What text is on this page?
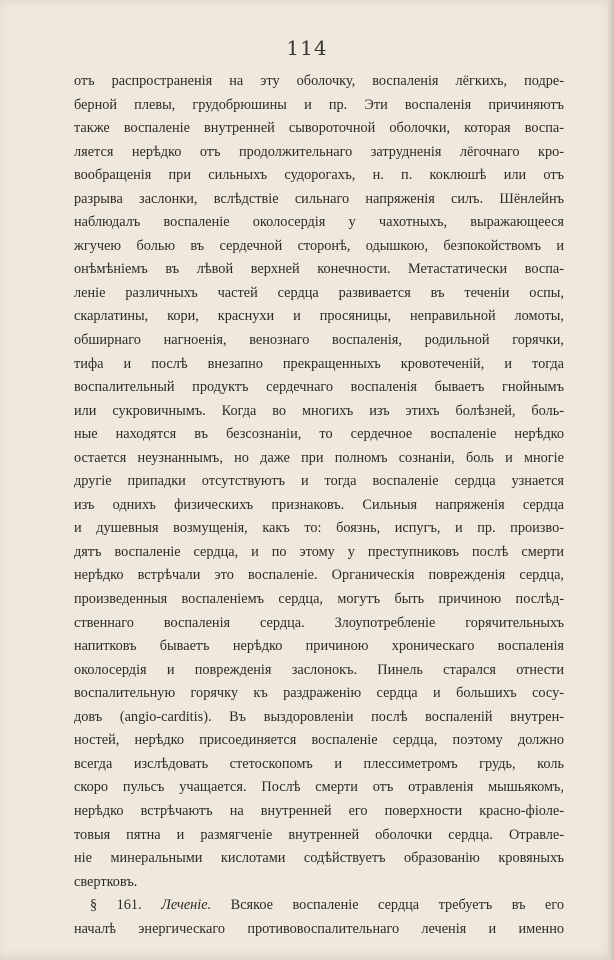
114
отъ распространенія на эту оболочку, воспаленія лёгкихъ, подре-
берной плевы, грудобрюшины и пр. Эти воспаленія причиняютъ
также воспаленіе внутренней сывороточной оболочки, которая воспа-
ляется нерѣдко отъ продолжительнаго затрудненія лёгочнаго кро-
вообращенія при сильныхъ судорогахъ, н. п. коклюшѣ или отъ
разрыва заслонки, вслѣдствіе сильнаго напряженія силъ. Шёнлейнъ
наблюдалъ воспаленіе околосердія у чахотныхъ, выражающееся
жгучею болью въ сердечной сторонѣ, одышкою, безпокойствомъ и
онѣмѣніемъ въ лѣвой верхней конечности. Метастатически воспа-
леніе различныхъ частей сердца развивается въ теченіи оспы,
скарлатины, кори, краснухи и просяницы, неправильной ломоты,
обширнаго нагноенія, венознаго воспаленія, родильной горячки,
тифа и послѣ внезапно прекращенныхъ кровотеченій, и тогда
воспалительный продуктъ сердечнаго воспаленія бываетъ гнойнымъ
или сукровичнымъ. Когда во многихъ изъ этихъ болѣзней, боль-
ные находятся въ безсознаніи, то сердечное воспаленіе нерѣдко
остается неузнаннымъ, но даже при полномъ сознаніи, боль и многіе
другіе припадки отсутствуютъ и тогда воспаленіе сердца узнается
изъ однихъ физическихъ признаковъ. Сильныя напряженія сердца
и душевныя возмущенія, какъ то: боязнь, испугъ, и пр. произво-
дятъ воспаленіе сердца, и по этому у преступниковъ послѣ смерти
нерѣдко встрѣчали это воспаленіе. Органическія поврежденія сердца,
произведенныя воспаленіемъ сердца, могутъ быть причиною послѣд-
ственнаго воспаленія сердца. Злоупотребленіе горячительныхъ
напитковъ бываетъ нерѣдко причиною хроническаго воспаленія
околосердія и поврежденія заслонокъ. Пинель старался отнести
воспалительную горячку къ раздраженію сердца и большихъ сосу-
довъ (angio-carditis). Въ выздоровленіи послѣ воспаленій внутрен-
ностей, нерѣдко присоединяется воспаленіе сердца, поэтому должно
всегда изслѣдовать стетоскопомъ и плессиметромъ грудь, коль
скоро пульсъ учащается. Послѣ смерти отъ отравленія мышьякомъ,
нерѣдко встрѣчаютъ на внутренней его поверхности красно-фіоле-
товыя пятна и размягченіе внутренней оболочки сердца. Отравле-
ніе минеральными кислотами содѣйствуетъ образованію кровяныхъ
свертковъ.
§ 161. Леченіе. Всякое воспаленіе сердца требуетъ въ его
началѣ энергическаго противовоспалительнаго леченія и именно
